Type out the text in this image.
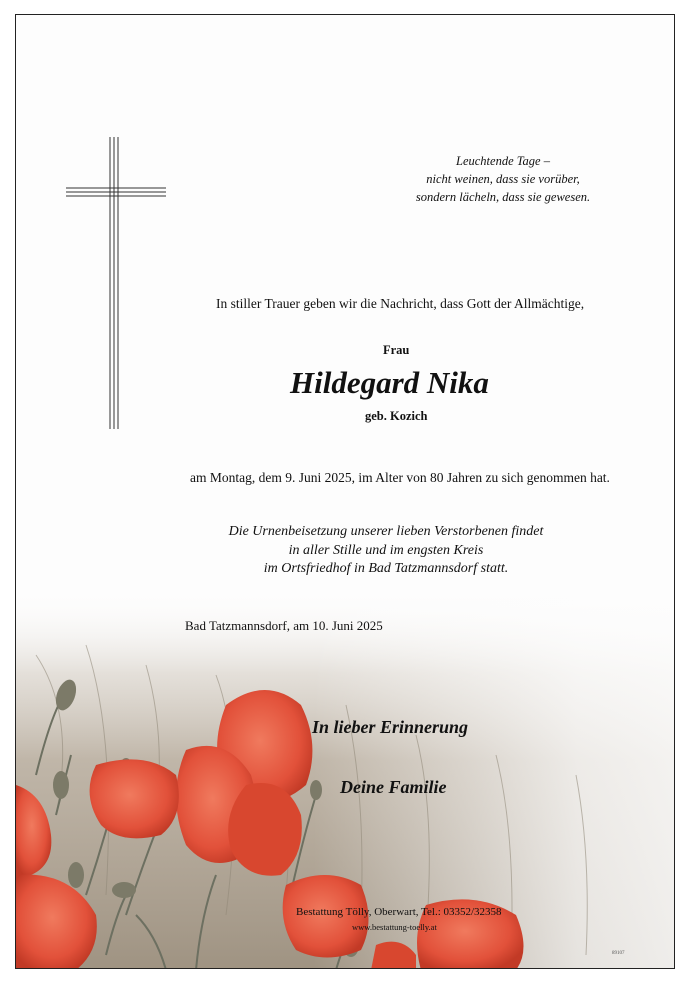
Leuchtende Tage –
nicht weinen, dass sie vorüber,
sondern lächeln, dass sie gewesen.
In stiller Trauer geben wir die Nachricht, dass Gott der Allmächtige,
Frau
Hildegard Nika
geb. Kozich
am Montag, dem 9. Juni 2025, im Alter von 80 Jahren zu sich genommen hat.
Die Urnenbeisetzung unserer lieben Verstorbenen findet
in aller Stille und im engsten Kreis
im Ortsfriedhof in Bad Tatzmannsdorf statt.
Bad Tatzmannsdorf, am 10. Juni 2025
In lieber Erinnerung
Deine Familie
Bestattung Tölly, Oberwart, Tel.: 03352/32358
www.bestattung-toelly.at
89107
